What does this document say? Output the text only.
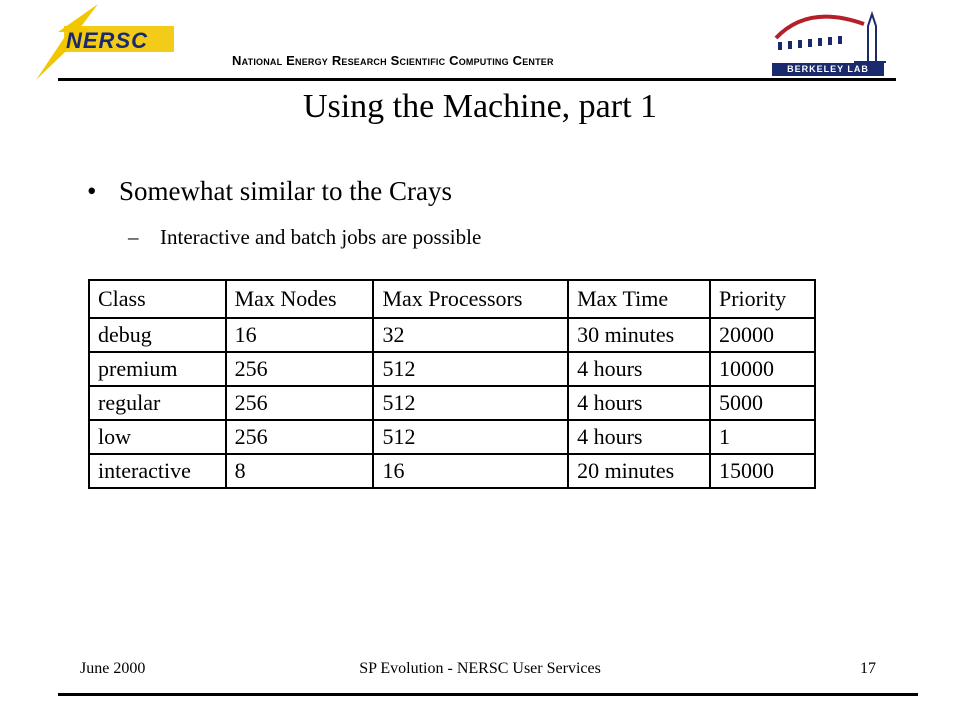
NERSC
National Energy Research Scientific Computing Center
BERKELEY LAB
Using the Machine, part 1
• Somewhat similar to the Crays
– Interactive and batch jobs are possible
Class	Max Nodes	Max Processors	Max Time	Priority
debug	16	32	30 minutes	20000
premium	256	512	4 hours	10000
regular	256	512	4 hours	5000
low	256	512	4 hours	1
interactive	8	16	20 minutes	15000
June 2000	SP Evolution - NERSC User Services	17
